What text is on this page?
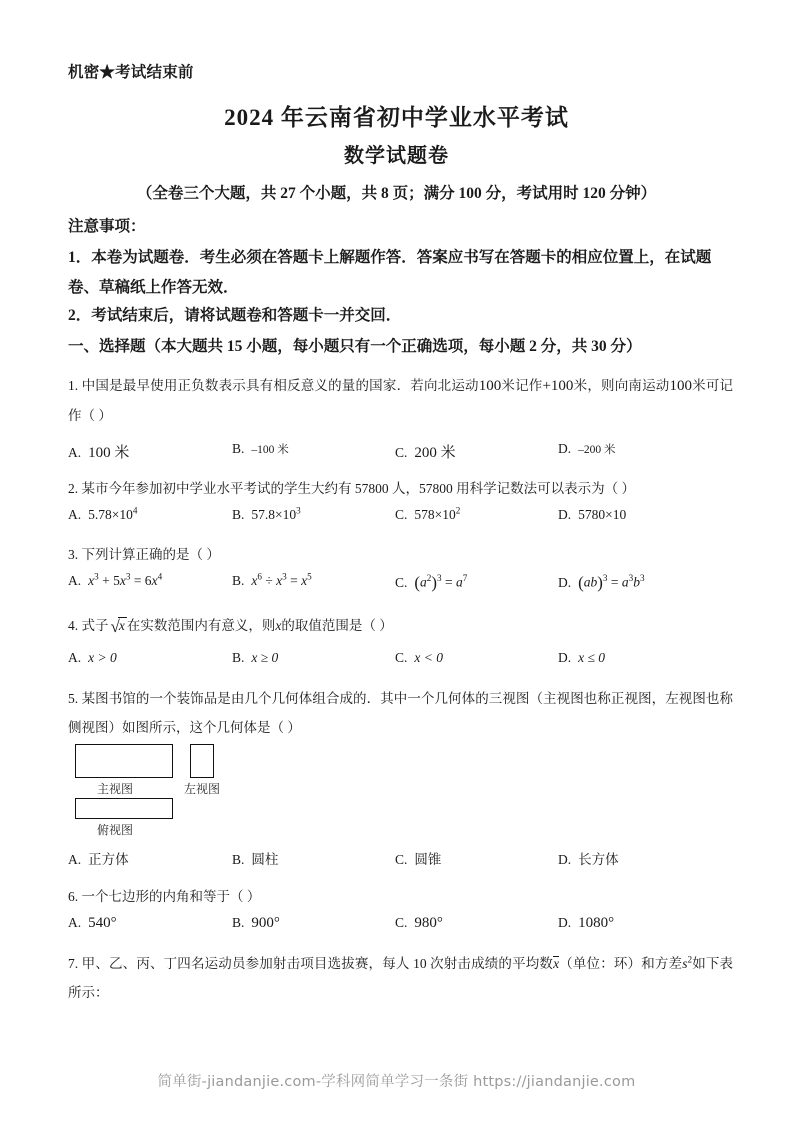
机密★考试结束前
2024 年云南省初中学业水平考试
数学试题卷
（全卷三个大题，共 27 个小题，共 8 页；满分 100 分，考试用时 120 分钟）
注意事项：
1．本卷为试题卷．考生必须在答题卡上解题作答．答案应书写在答题卡的相应位置上，在试题卷、草稿纸上作答无效．
2．考试结束后，请将试题卷和答题卡一并交回．
一、选择题（本大题共 15 小题，每小题只有一个正确选项，每小题 2 分，共 30 分）
1. 中国是最早使用正负数表示具有相反意义的量的国家．若向北运动100米记作+100米，则向南运动100米可记作（ ）
A. 100 米	B. –100 米	C. 200 米	D. –200 米
2. 某市今年参加初中学业水平考试的学生大约有 57800 人，57800 用科学记数法可以表示为（ ）
A. $5.78\times 10^4$	B. $57.8\times 10^3$	C. $578\times 10^2$	D. 5780×10
3. 下列计算正确的是（ ）
A. $x^3 + 5x^3 = 6x^4$	B. $x^6 \div x^3 = x^5$	C. $(a^2)^3 = a^7$	D. $(ab)^3 = a^3b^3$
4. 式子 √x 在实数范围内有意义，则x的取值范围是（ ）
A. x > 0	B. x ≥ 0	C. x < 0	D. x ≤ 0
5. 某图书馆的一个装饰品是由几个几何体组合成的．其中一个几何体的三视图（主视图也称正视图，左视图也称侧视图）如图所示，这个几何体是（ ）
主视图	左视图
俯视图
A. 正方体	B. 圆柱	C. 圆锥	D. 长方体
6. 一个七边形的内角和等于（ ）
A. 540°	B. 900°	C. 980°	D. 1080°
7. 甲、乙、丙、丁四名运动员参加射击项目选拔赛，每人 10 次射击成绩的平均数x（单位：环）和方差$s^2$如下表所示：
简单街-jiandanjie.com-学科网简单学习一条街 https://jiandanjie.com
